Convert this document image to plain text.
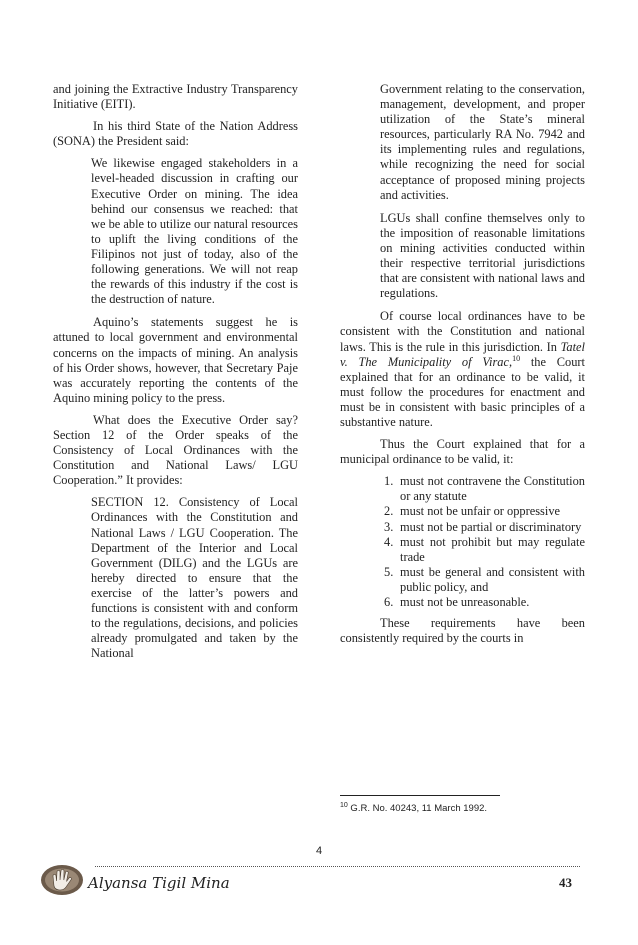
and joining the Extractive Industry Transparency Initiative (EITI).

In his third State of the Nation Address (SONA) the President said:

We likewise engaged stakeholders in a level-headed discussion in crafting our Executive Order on mining. The idea behind our consensus we reached: that we be able to utilize our natural resources to uplift the living conditions of the Filipinos not just of today, also of the following generations. We will not reap the rewards of this industry if the cost is the destruction of nature.

Aquino’s statements suggest he is attuned to local government and environmental concerns on the impacts of mining. An analysis of his Order shows, however, that Secretary Paje was accurately reporting the contents of the Aquino mining policy to the press.

What does the Executive Order say? Section 12 of the Order speaks of the Consistency of Local Ordinances with the Constitution and National Laws/ LGU Cooperation.” It provides:

SECTION 12. Consistency of Local Ordinances with the Constitution and National Laws / LGU Cooperation. The Department of the Interior and Local Government (DILG) and the LGUs are hereby directed to ensure that the exercise of the latter’s powers and functions is consistent with and conform to the regulations, decisions, and policies already promulgated and taken by the National

Government relating to the conservation, management, development, and proper utilization of the State’s mineral resources, particularly RA No. 7942 and its implementing rules and regulations, while recognizing the need for social acceptance of proposed mining projects and activities.

LGUs shall confine themselves only to the imposition of reasonable limitations on mining activities conducted within their respective territorial jurisdictions that are consistent with national laws and regulations.

Of course local ordinances have to be consistent with the Constitution and national laws. This is the rule in this jurisdiction. In Tatel v. The Municipality of Virac,$^{10}$ the Court explained that for an ordinance to be valid, it must follow the procedures for enactment and must be in consistent with basic principles of a substantive nature.

Thus the Court explained that for a municipal ordinance to be valid, it:

1. must not contravene the Constitution or any statute
2. must not be unfair or oppressive
3. must not be partial or discriminatory
4. must not prohibit but may regulate trade
5. must be general and consistent with public policy, and
6. must not be unreasonable.

These requirements have been consistently required by the courts in

$^{10}$ G.R. No. 40243, 11 March 1992.
4
Alyansa Tigil Mina	43
